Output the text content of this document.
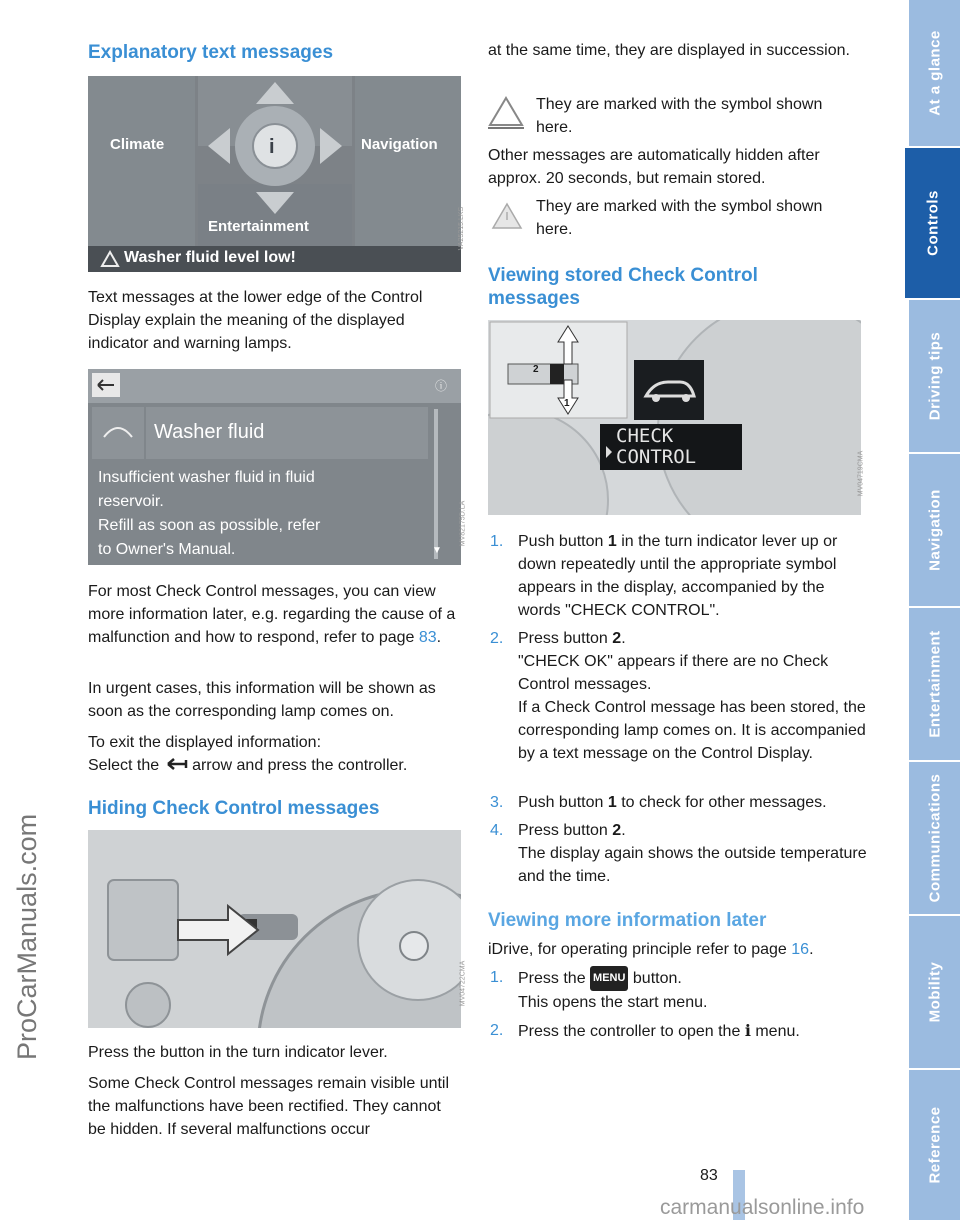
ProCarManuals.com
At a glance
Controls
Driving tips
Navigation
Entertainment
Communications
Mobility
Reference
Explanatory text messages
Climate	Navigation
i
Entertainment
Washer fluid level low!
VA25215.LKS
Text messages at the lower edge of the Control Display explain the meaning of the displayed indicator and warning lamps.
ⓘ
Washer fluid
Insufficient washer fluid in fluid
reservoir.
Refill as soon as possible, refer
to Owner's Manual.	▼
MV82175D.LA
For most Check Control messages, you can view more information later, e.g. regarding the cause of a malfunction and how to respond, refer to page 83.
In urgent cases, this information will be shown as soon as the corresponding lamp comes on.
To exit the displayed information:
Select the arrow and press the controller.
Hiding Check Control messages
MV04722CMA
Press the button in the turn indicator lever.
Some Check Control messages remain visible until the malfunctions have been rectified. They cannot be hidden. If several malfunctions occur
at the same time, they are displayed in succession.
They are marked with the symbol shown here.
Other messages are automatically hidden after approx. 20 seconds, but remain stored.
They are marked with the symbol shown here.
Viewing stored Check Control messages
2
1
CHECK
CONTROL	MV04719CMA
1. Push button 1 in the turn indicator lever up or down repeatedly until the appropriate symbol appears in the display, accompanied by the words "CHECK CONTROL".
2. Press button 2.
"CHECK OK" appears if there are no Check Control messages.
If a Check Control message has been stored, the corresponding lamp comes on. It is accompanied by a text message on the Control Display.
3. Push button 1 to check for other messages.
4. Press button 2.
The display again shows the outside temperature and the time.
Viewing more information later
iDrive, for operating principle refer to page 16.
1. Press the MENU button.
This opens the start menu.
2. Press the controller to open the i menu.
83
carmanualsonline.info
